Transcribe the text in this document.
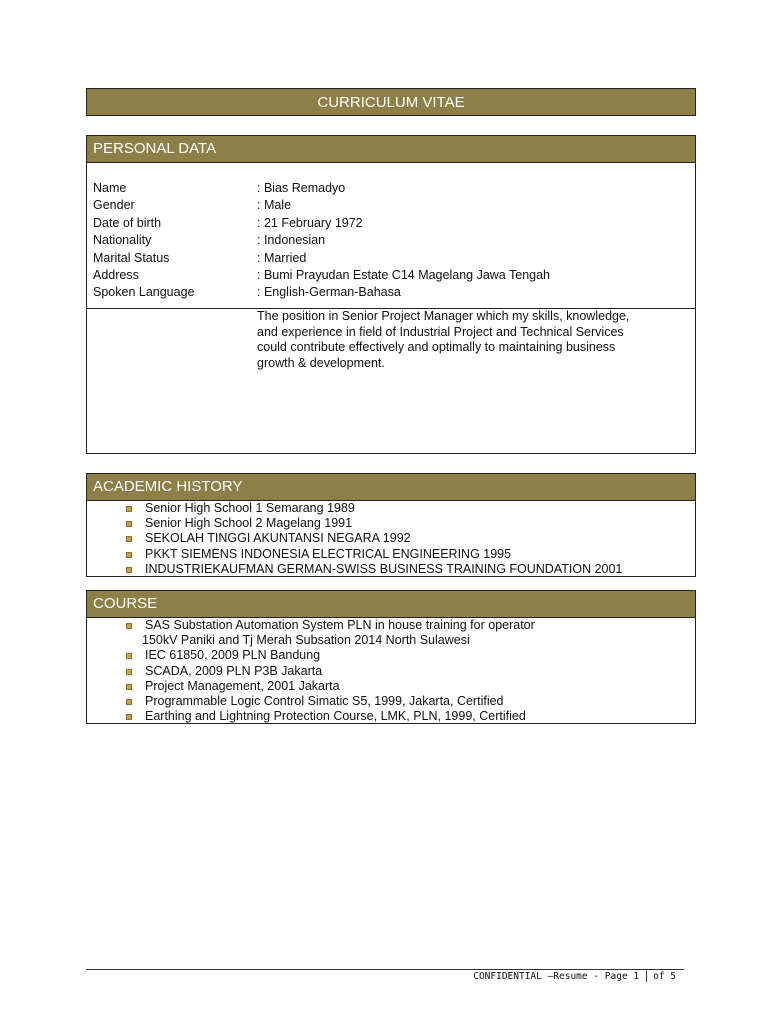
CURRICULUM VITAE
PERSONAL DATA
Name	: Bias Remadyo
Gender	: Male
Date of birth	: 21 February 1972
Nationality	: Indonesian
Marital Status	: Married
Address	: Bumi Prayudan Estate C14 Magelang Jawa Tengah
Spoken Language	: English-German-Bahasa
The position in Senior Project Manager which my skills, knowledge,
and experience in field of Industrial Project and Technical Services
could contribute effectively and optimally to maintaining business
growth & development.
ACADEMIC HISTORY
Senior High School 1 Semarang 1989
Senior High School 2 Magelang 1991
SEKOLAH TINGGI AKUNTANSI NEGARA 1992
PKKT SIEMENS INDONESIA ELECTRICAL ENGINEERING 1995
INDUSTRIEKAUFMAN GERMAN-SWISS BUSINESS TRAINING FOUNDATION 2001
COURSE
SAS Substation Automation System PLN in house training for operator
150kV Paniki and Tj Merah Subsation 2014 North Sulawesi
IEC 61850, 2009 PLN Bandung
SCADA, 2009 PLN P3B Jakarta
Project Management, 2001 Jakarta
Programmable Logic Control Simatic S5, 1999, Jakarta, Certified
Earthing and Lightning Protection Course, LMK, PLN, 1999, Certified
CONFIDENTIAL –Resume - Page 1 of 5
